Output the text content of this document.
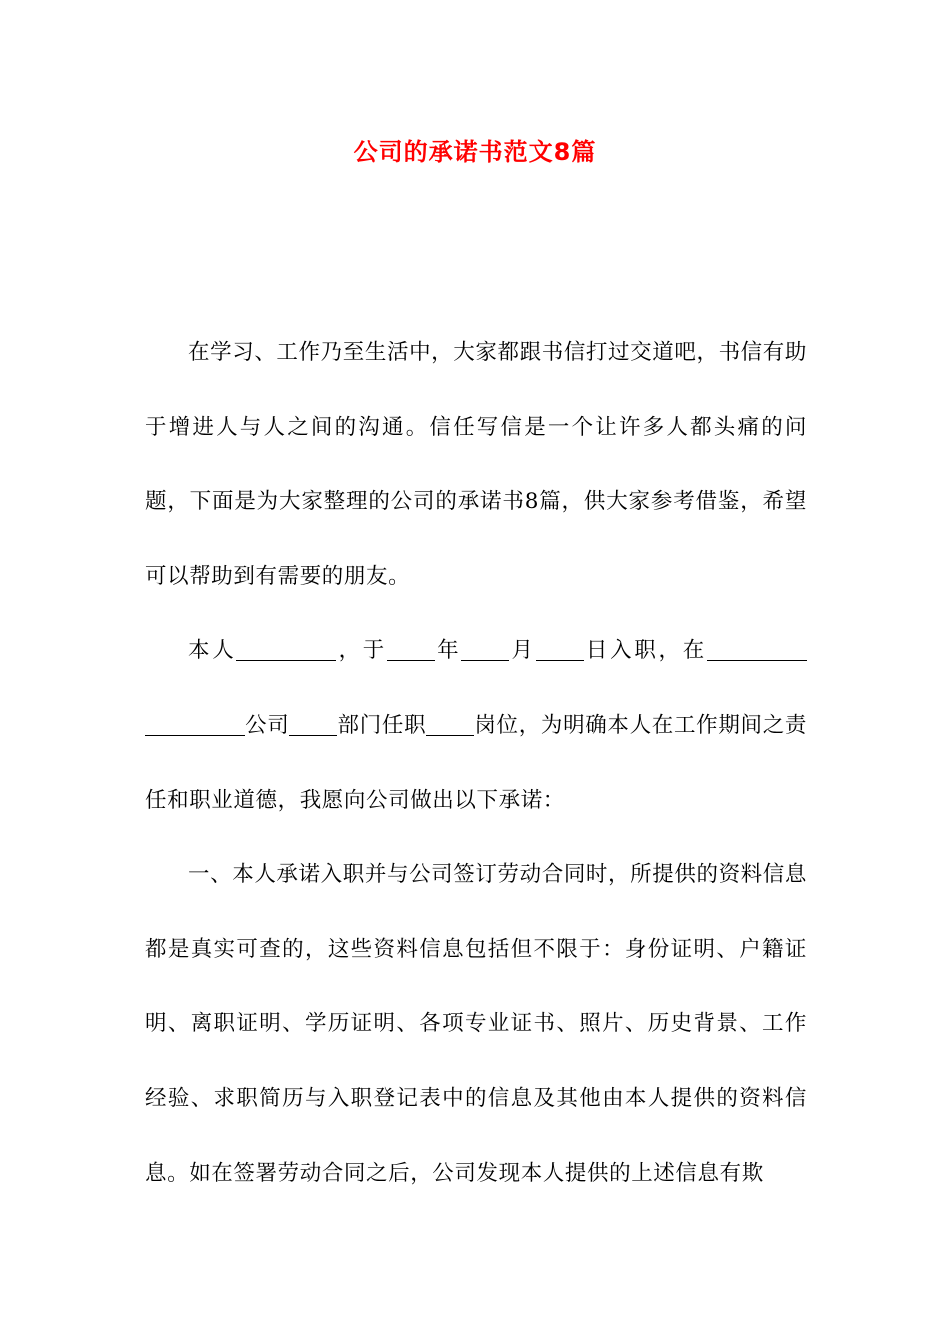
公司的承诺书范文8篇

在学习、工作乃至生活中，大家都跟书信打过交道吧，书信有助于增进人与人之间的沟通。信任写信是一个让许多人都头痛的问题，下面是为大家整理的公司的承诺书8篇，供大家参考借鉴，希望可以帮助到有需要的朋友。

本人	，于 年 月 日入职，在公司 部门任职 岗位，为明确本人在工作期间之责任和职业道德，我愿向公司做出以下承诺：

一、本人承诺入职并与公司签订劳动合同时，所提供的资料信息都是真实可查的，这些资料信息包括但不限于：身份证明、户籍证明、离职证明、学历证明、各项专业证书、照片、历史背景、工作经验、求职简历与入职登记表中的信息及其他由本人提供的资料信息。如在签署劳动合同之后，公司发现本人提供的上述信息有欺
